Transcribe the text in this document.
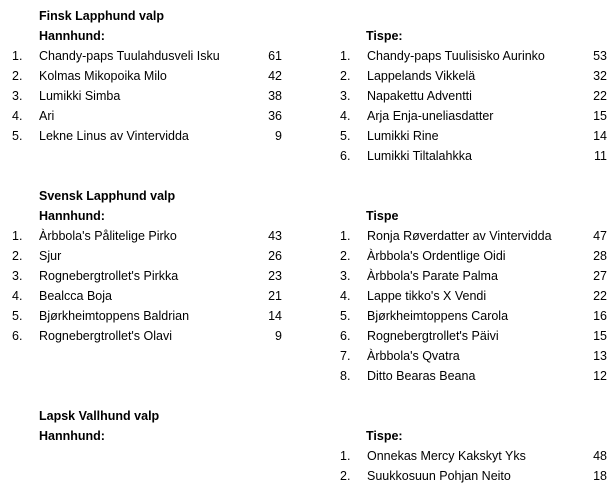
Finsk Lapphund valp
Hannhund:	Tispe:
1. Chandy-paps Tuulahdusveli Isku	61
2. Kolmas Mikopoika Milo	42
3. Lumikki Simba	38
4. Ari	36
5. Lekne Linus av Vintervidda	9
1. Chandy-paps Tuulisisko Aurinko	53
2. Lappelands Vikkelä	32
3. Napakettu Adventti	22
4. Arja Enja-uneliasdatter	15
5. Lumikki Rine	14
6. Lumikki Tiltalahkka	11
Svensk Lapphund valp
Hannhund:	Tispe
1. Àrbbola's Pålitelige Pirko	43
2. Sjur	26
3. Rognebergtrollet's Pirkka	23
4. Bealcca Boja	21
5. Bjørkheimtoppens Baldrian	14
6. Rognebergtrollet's Olavi	9
1. Ronja Røverdatter av Vintervidda	47
2. Àrbbola's Ordentlige Oidi	28
3. Àrbbola's Parate Palma	27
4. Lappe tikko's X Vendi	22
5. Bjørkheimtoppens Carola	16
6. Rognebergtrollet's Päivi	15
7. Àrbbola's Qvatra	13
8. Ditto Bearas Beana	12
Lapsk Vallhund valp
Hannhund:	Tispe:
1. Onnekas Mercy Kakskyt Yks	48
2. Suukkosuun Pohjan Neito	18
